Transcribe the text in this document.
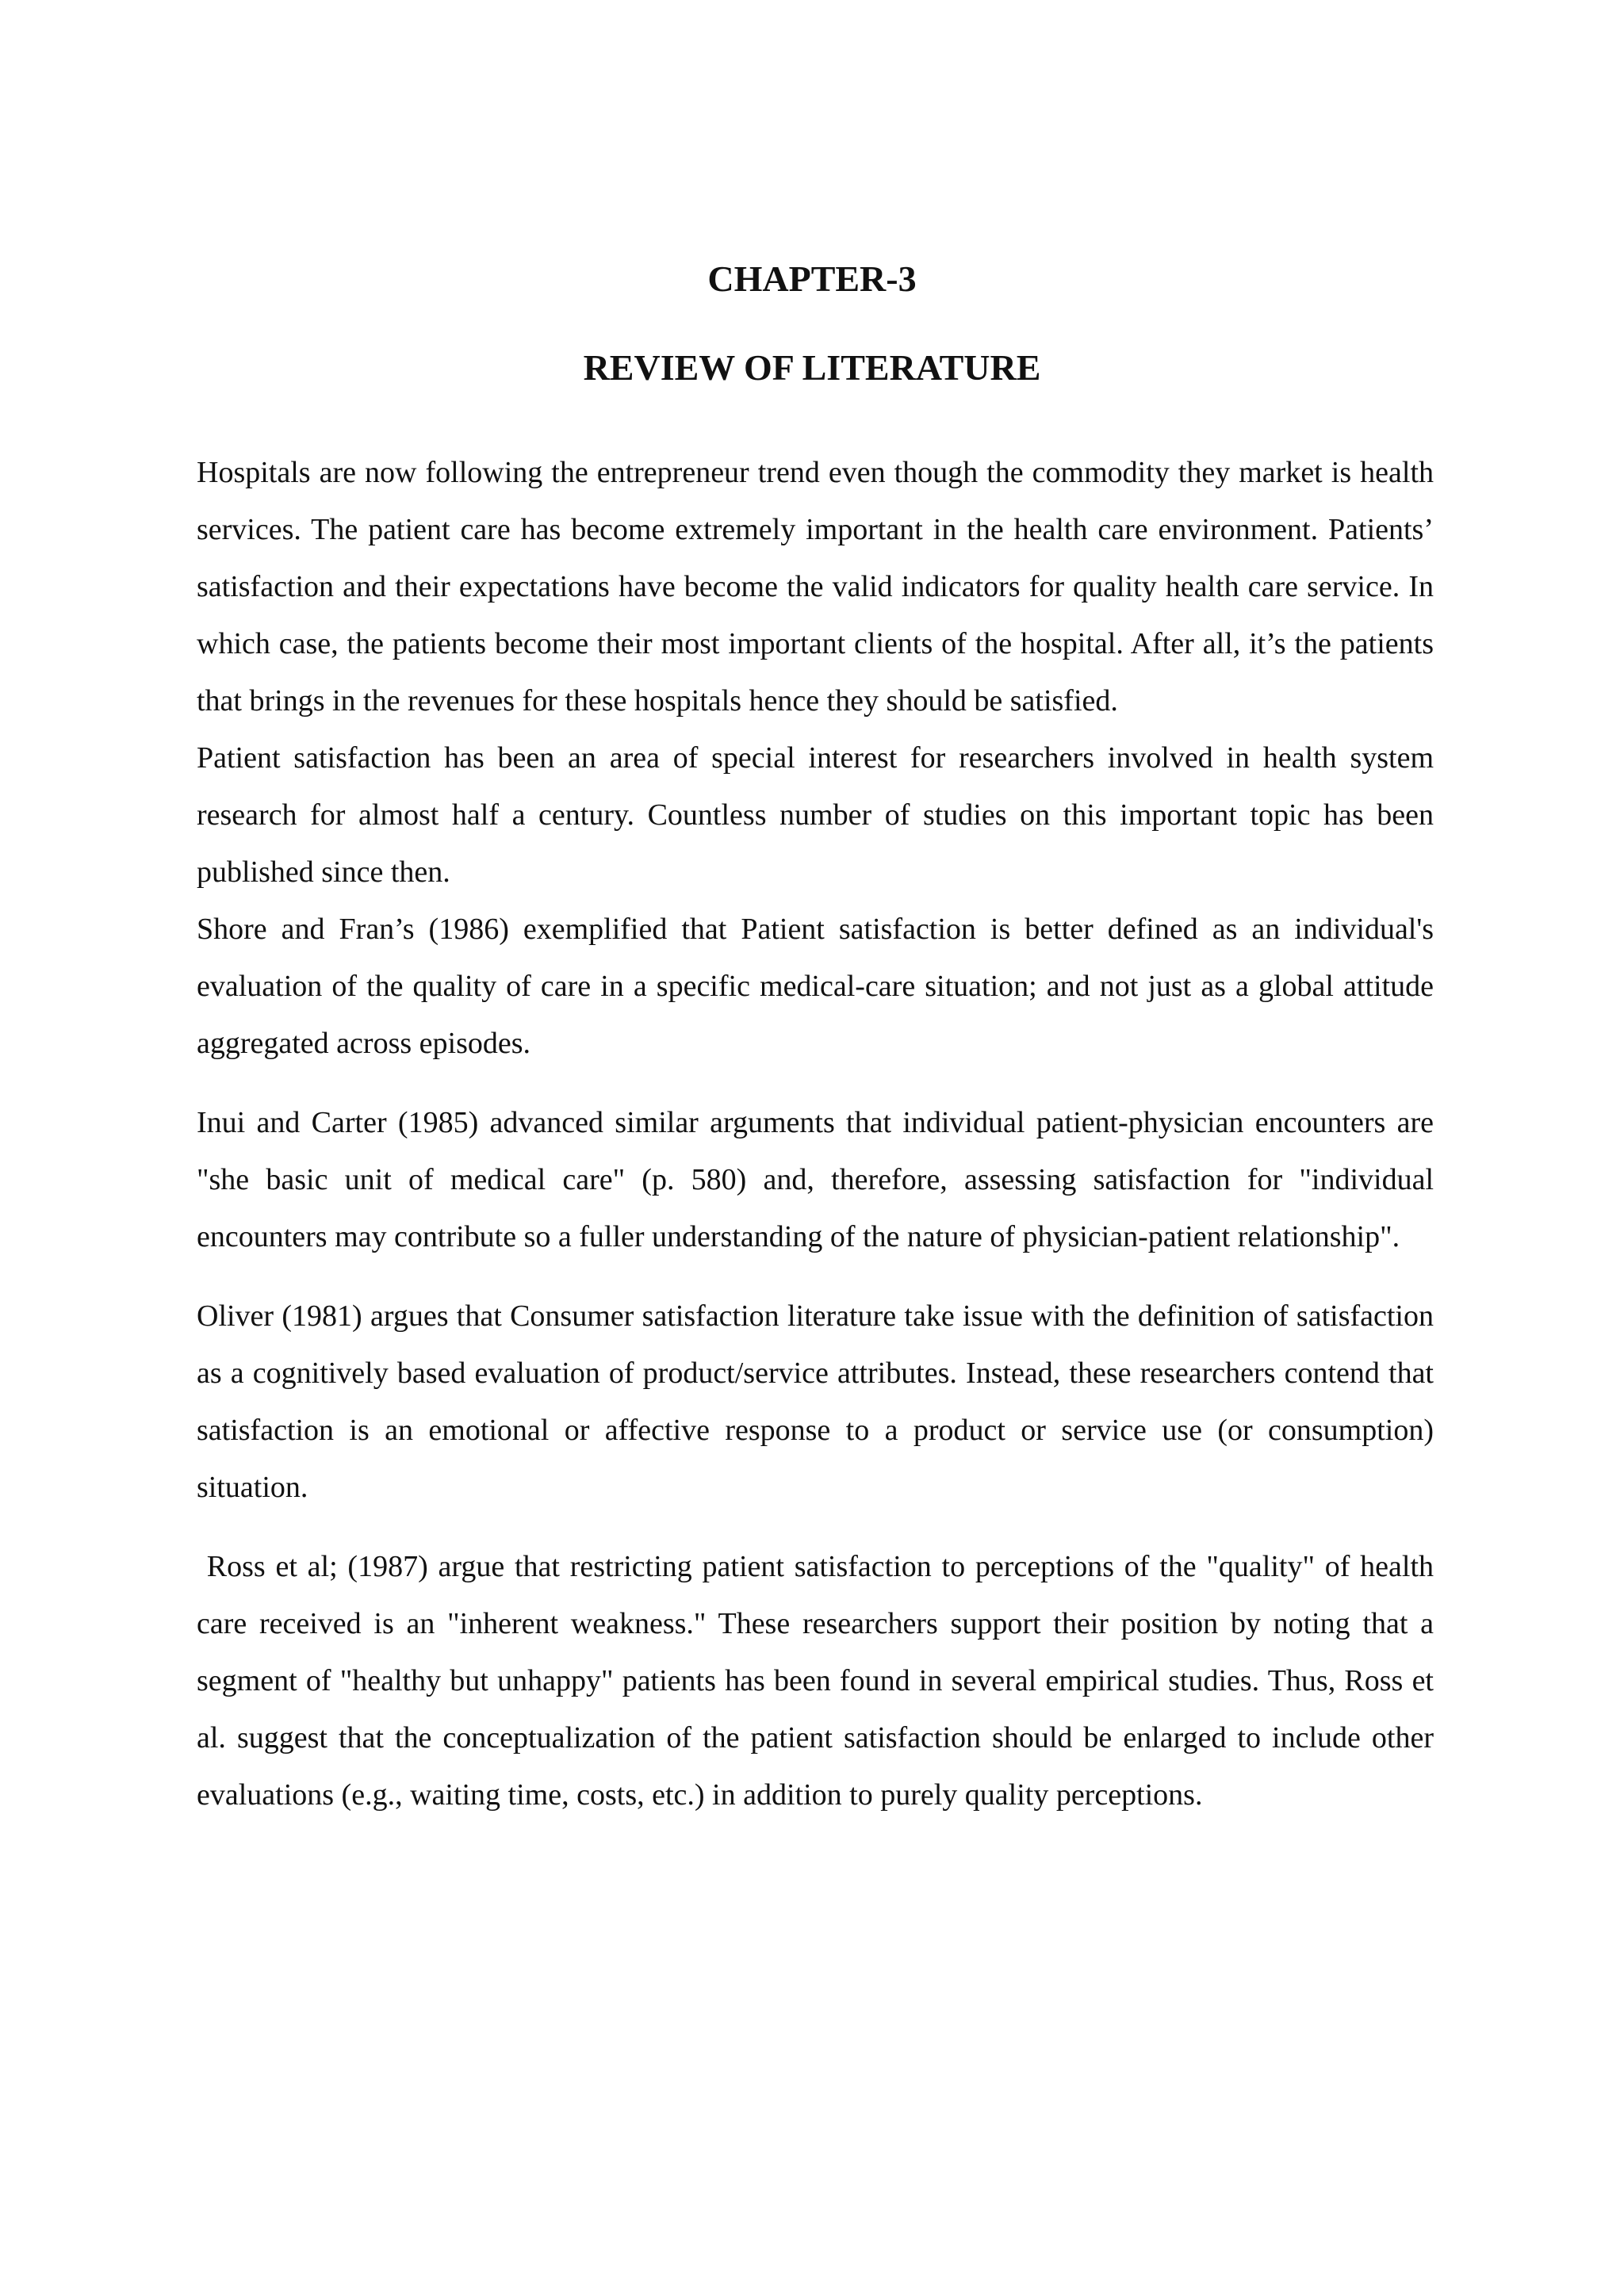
CHAPTER-3
REVIEW OF LITERATURE

Hospitals are now following the entrepreneur trend even though the commodity they market is health services. The patient care has become extremely important in the health care environment. Patients’ satisfaction and their expectations have become the valid indicators for quality health care service. In which case, the patients become their most important clients of the hospital. After all, it’s the patients that brings in the revenues for these hospitals hence they should be satisfied.

Patient satisfaction has been an area of special interest for researchers involved in health system research for almost half a century. Countless number of studies on this important topic has been published since then.

Shore and Fran’s (1986) exemplified that Patient satisfaction is better defined as an individual's evaluation of the quality of care in a specific medical-care situation; and not just as a global attitude aggregated across episodes.

Inui and Carter (1985) advanced similar arguments that individual patient-physician encounters are "she basic unit of medical care" (p. 580) and, therefore, assessing satisfaction for "individual encounters may contribute so a fuller understanding of the nature of physician-patient relationship".

Oliver (1981) argues that Consumer satisfaction literature take issue with the definition of satisfaction as a cognitively based evaluation of product/service attributes. Instead, these researchers contend that satisfaction is an emotional or affective response to a product or service use (or consumption) situation.

Ross et al; (1987) argue that restricting patient satisfaction to perceptions of the "quality" of health care received is an "inherent weakness." These researchers support their position by noting that a segment of "healthy but unhappy" patients has been found in several empirical studies. Thus, Ross et al. suggest that the conceptualization of the patient satisfaction should be enlarged to include other evaluations (e.g., waiting time, costs, etc.) in addition to purely quality perceptions.
